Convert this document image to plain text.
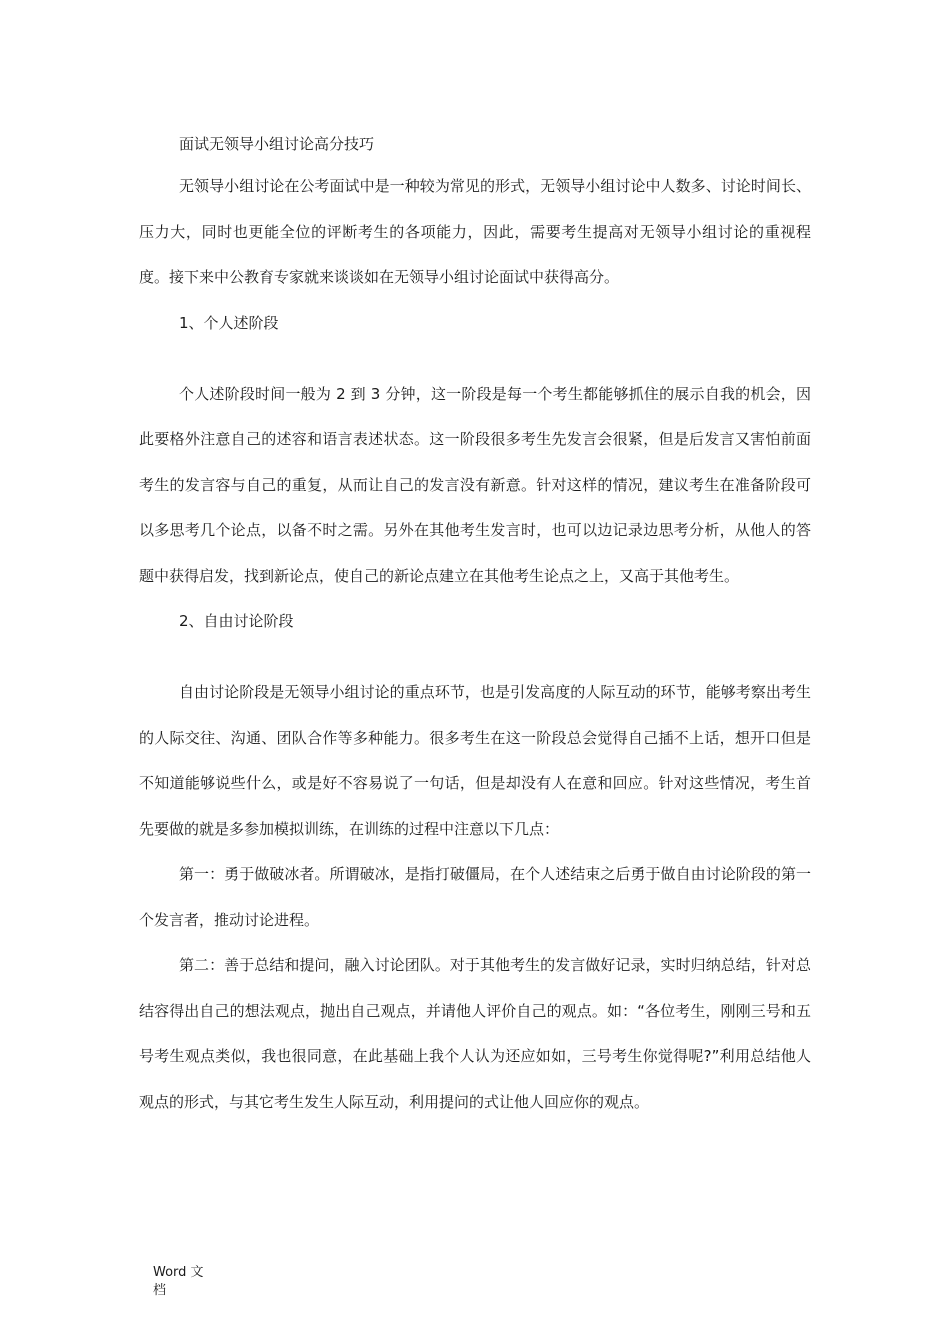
面试无领导小组讨论高分技巧

无领导小组讨论在公考面试中是一种较为常见的形式，无领导小组讨论中人数多、讨论时间长、压力大，同时也更能全位的评断考生的各项能力，因此，需要考生提高对无领导小组讨论的重视程度。接下来中公教育专家就来谈谈如在无领导小组讨论面试中获得高分。

1、个人述阶段

个人述阶段时间一般为 2 到 3 分钟，这一阶段是每一个考生都能够抓住的展示自我的机会，因此要格外注意自己的述容和语言表述状态。这一阶段很多考生先发言会很紧，但是后发言又害怕前面考生的发言容与自己的重复，从而让自己的发言没有新意。针对这样的情况，建议考生在准备阶段可以多思考几个论点，以备不时之需。另外在其他考生发言时，也可以边记录边思考分析，从他人的答题中获得启发，找到新论点，使自己的新论点建立在其他考生论点之上，又高于其他考生。

2、自由讨论阶段

自由讨论阶段是无领导小组讨论的重点环节，也是引发高度的人际互动的环节，能够考察出考生的人际交往、沟通、团队合作等多种能力。很多考生在这一阶段总会觉得自己插不上话，想开口但是不知道能够说些什么，或是好不容易说了一句话，但是却没有人在意和回应。针对这些情况，考生首先要做的就是多参加模拟训练，在训练的过程中注意以下几点：

第一：勇于做破冰者。所谓破冰，是指打破僵局，在个人述结束之后勇于做自由讨论阶段的第一个发言者，推动讨论进程。

第二：善于总结和提问，融入讨论团队。对于其他考生的发言做好记录，实时归纳总结，针对总结容得出自己的想法观点，抛出自己观点，并请他人评价自己的观点。如：“各位考生，刚刚三号和五号考生观点类似，我也很同意，在此基础上我个人认为还应如如，三号考生你觉得呢?”利用总结他人观点的形式，与其它考生发生人际互动，利用提问的式让他人回应你的观点。

Word 文档
